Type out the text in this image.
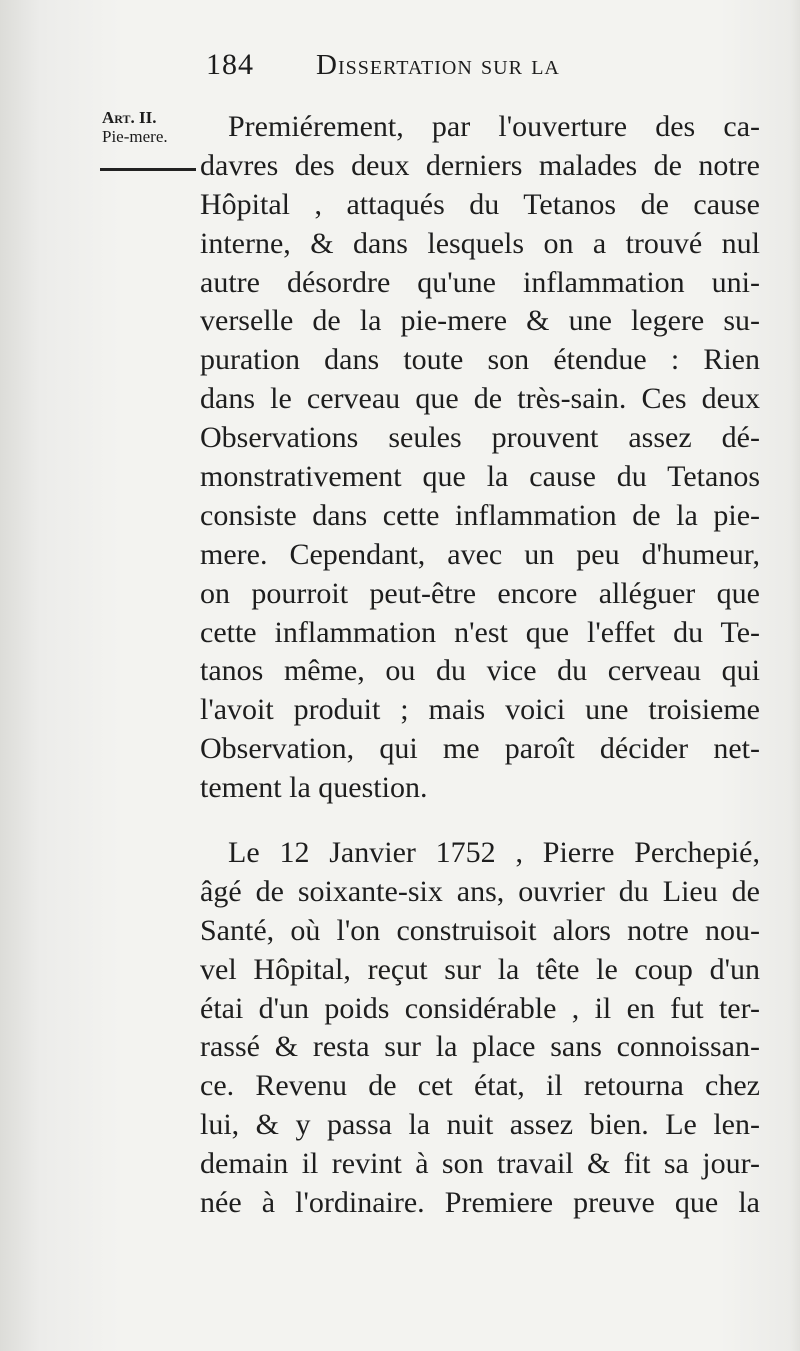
184 Dissertation sur la
Art. II.
Pie-mere.	Premiérement, par l'ouverture des ca-
davres des deux derniers malades de notre
Hôpital , attaqués du Tetanos de cause
interne, & dans lesquels on a trouvé nul
autre désordre qu'une inflammation uni-
verselle de la pie-mere & une legere su-
puration dans toute son étendue : Rien
dans le cerveau que de très-sain. Ces deux
Observations seules prouvent assez dé-
monstrativement que la cause du Tetanos
consiste dans cette inflammation de la pie-
mere. Cependant, avec un peu d'humeur,
on pourroit peut-être encore alléguer que
cette inflammation n'est que l'effet du Te-
tanos même, ou du vice du cerveau qui
l'avoit produit ; mais voici une troisieme
Observation, qui me paroît décider net-
tement la question.
Le 12 Janvier 1752 , Pierre Perchepié,
âgé de soixante-six ans, ouvrier du Lieu de
Santé, où l'on construisoit alors notre nou-
vel Hôpital, reçut sur la tête le coup d'un
étai d'un poids considérable , il en fut ter-
rassé & resta sur la place sans connoissan-
ce. Revenu de cet état, il retourna chez
lui, & y passa la nuit assez bien. Le len-
demain il revint à son travail & fit sa jour-
née à l'ordinaire. Premiere preuve que la
